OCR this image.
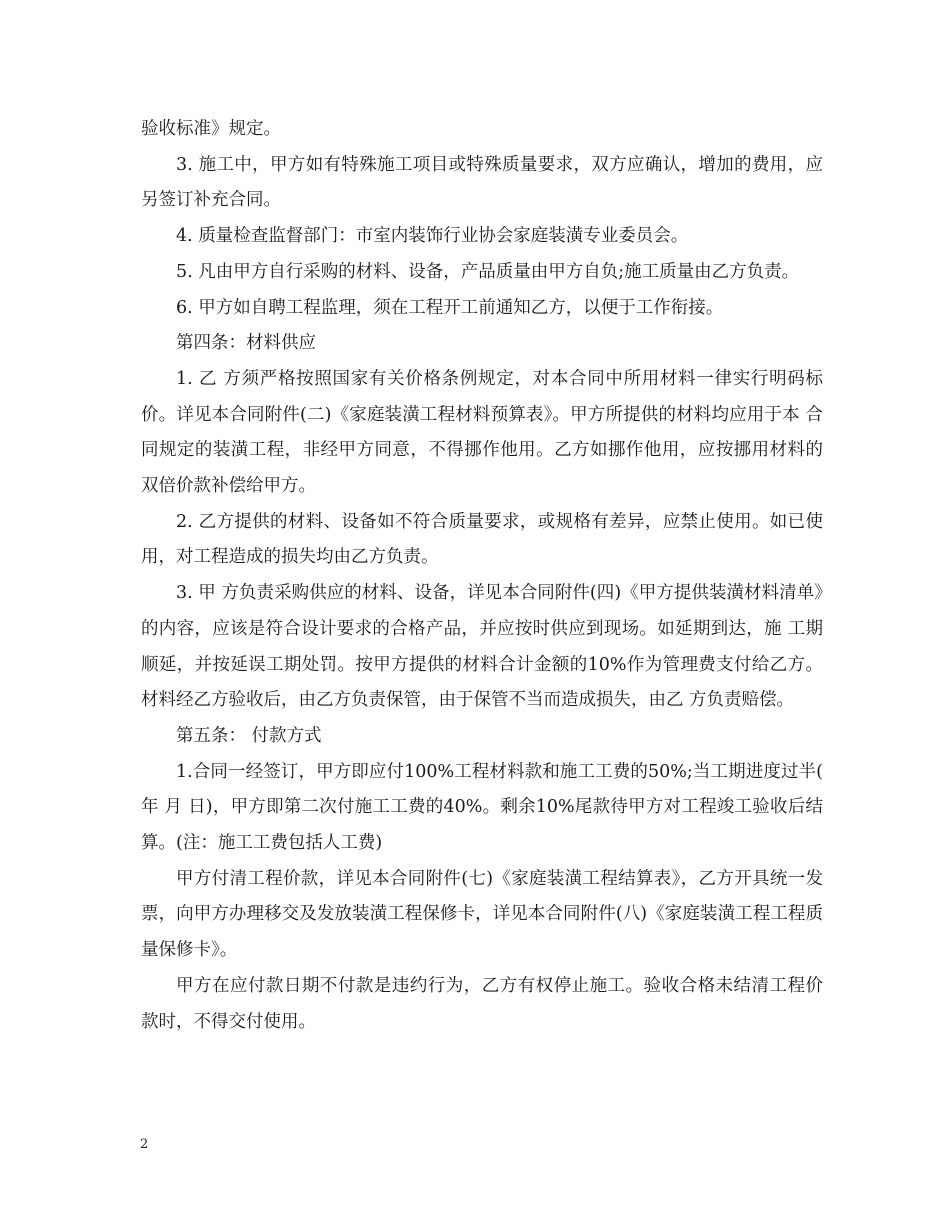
验收标准》规定。

3. 施工中，甲方如有特殊施工项目或特殊质量要求，双方应确认，增加的费用，应另签订补充合同。

4. 质量检查监督部门：市室内装饰行业协会家庭装潢专业委员会。

5. 凡由甲方自行采购的材料、设备，产品质量由甲方自负;施工质量由乙方负责。

6. 甲方如自聘工程监理，须在工程开工前通知乙方，以便于工作衔接。

第四条：材料供应

1. 乙 方须严格按照国家有关价格条例规定，对本合同中所用材料一律实行明码标价。详见本合同附件(二)《家庭装潢工程材料预算表》。甲方所提供的材料均应用于本 合同规定的装潢工程，非经甲方同意，不得挪作他用。乙方如挪作他用，应按挪用材料的双倍价款补偿给甲方。

2. 乙方提供的材料、设备如不符合质量要求，或规格有差异，应禁止使用。如已使用，对工程造成的损失均由乙方负责。

3. 甲 方负责采购供应的材料、设备，详见本合同附件(四)《甲方提供装潢材料清单》的内容，应该是符合设计要求的合格产品，并应按时供应到现场。如延期到达，施 工期顺延，并按延误工期处罚。按甲方提供的材料合计金额的10%作为管理费支付给乙方。材料经乙方验收后，由乙方负责保管，由于保管不当而造成损失，由乙 方负责赔偿。

第五条： 付款方式

1.合同一经签订，甲方即应付100%工程材料款和施工工费的50%;当工期进度过半( 年 月 日)，甲方即第二次付施工工费的40%。剩余10%尾款待甲方对工程竣工验收后结算。(注：施工工费包括人工费)

甲方付清工程价款，详见本合同附件(七)《家庭装潢工程结算表》，乙方开具统一发票，向甲方办理移交及发放装潢工程保修卡，详见本合同附件(八)《家庭装潢工程工程质量保修卡》。

甲方在应付款日期不付款是违约行为，乙方有权停止施工。验收合格未结清工程价款时，不得交付使用。

2
